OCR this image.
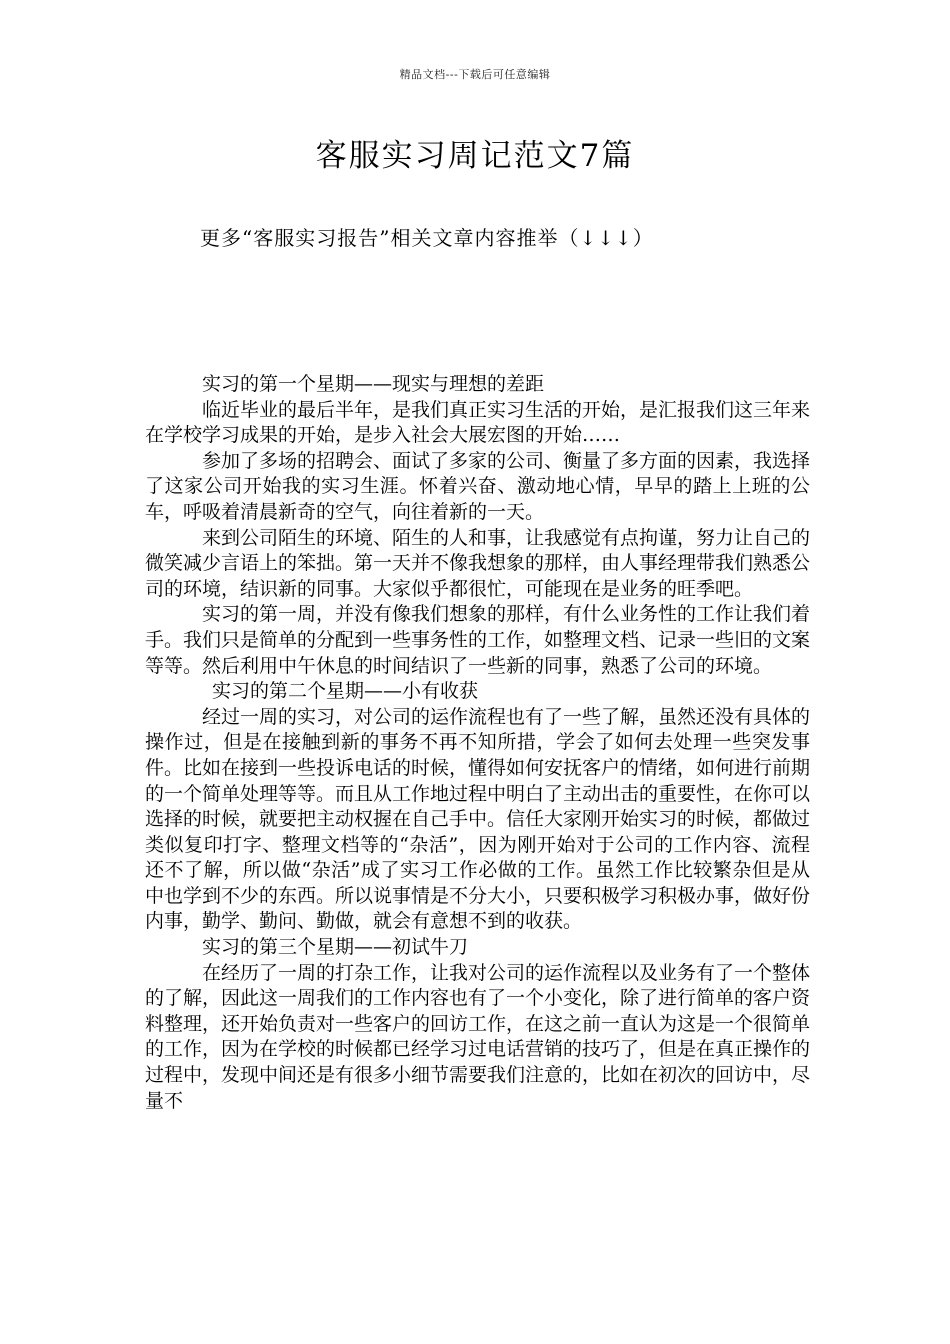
精品文档---下载后可任意编辑
客服实习周记范文7篇
更多“客服实习报告”相关文章内容推举（↓↓↓）

实习的第一个星期——现实与理想的差距

临近毕业的最后半年，是我们真正实习生活的开始，是汇报我们这三年来在学校学习成果的开始，是步入社会大展宏图的开始……

参加了多场的招聘会、面试了多家的公司、衡量了多方面的因素，我选择了这家公司开始我的实习生涯。怀着兴奋、激动地心情，早早的踏上上班的公车，呼吸着清晨新奇的空气，向往着新的一天。

来到公司陌生的环境、陌生的人和事，让我感觉有点拘谨，努力让自己的微笑减少言语上的笨拙。第一天并不像我想象的那样，由人事经理带我们熟悉公司的环境，结识新的同事。大家似乎都很忙，可能现在是业务的旺季吧。

实习的第一周，并没有像我们想象的那样，有什么业务性的工作让我们着手。我们只是简单的分配到一些事务性的工作，如整理文档、记录一些旧的文案等等。然后利用中午休息的时间结识了一些新的同事，熟悉了公司的环境。

实习的第二个星期——小有收获

经过一周的实习，对公司的运作流程也有了一些了解，虽然还没有具体的操作过，但是在接触到新的事务不再不知所措，学会了如何去处理一些突发事件。比如在接到一些投诉电话的时候，懂得如何安抚客户的情绪，如何进行前期的一个简单处理等等。而且从工作地过程中明白了主动出击的重要性，在你可以选择的时候，就要把主动权握在自己手中。信任大家刚开始实习的时候，都做过类似复印打字、整理文档等的“杂活”，因为刚开始对于公司的工作内容、流程还不了解，所以做“杂活”成了实习工作必做的工作。虽然工作比较繁杂但是从中也学到不少的东西。所以说事情是不分大小，只要积极学习积极办事，做好份内事，勤学、勤问、勤做，就会有意想不到的收获。

实习的第三个星期——初试牛刀

在经历了一周的打杂工作，让我对公司的运作流程以及业务有了一个整体的了解，因此这一周我们的工作内容也有了一个小变化，除了进行简单的客户资料整理，还开始负责对一些客户的回访工作，在这之前一直认为这是一个很简单的工作，因为在学校的时候都已经学习过电话营销的技巧了，但是在真正操作的过程中，发现中间还是有很多小细节需要我们注意的，比如在初次的回访中，尽量不
